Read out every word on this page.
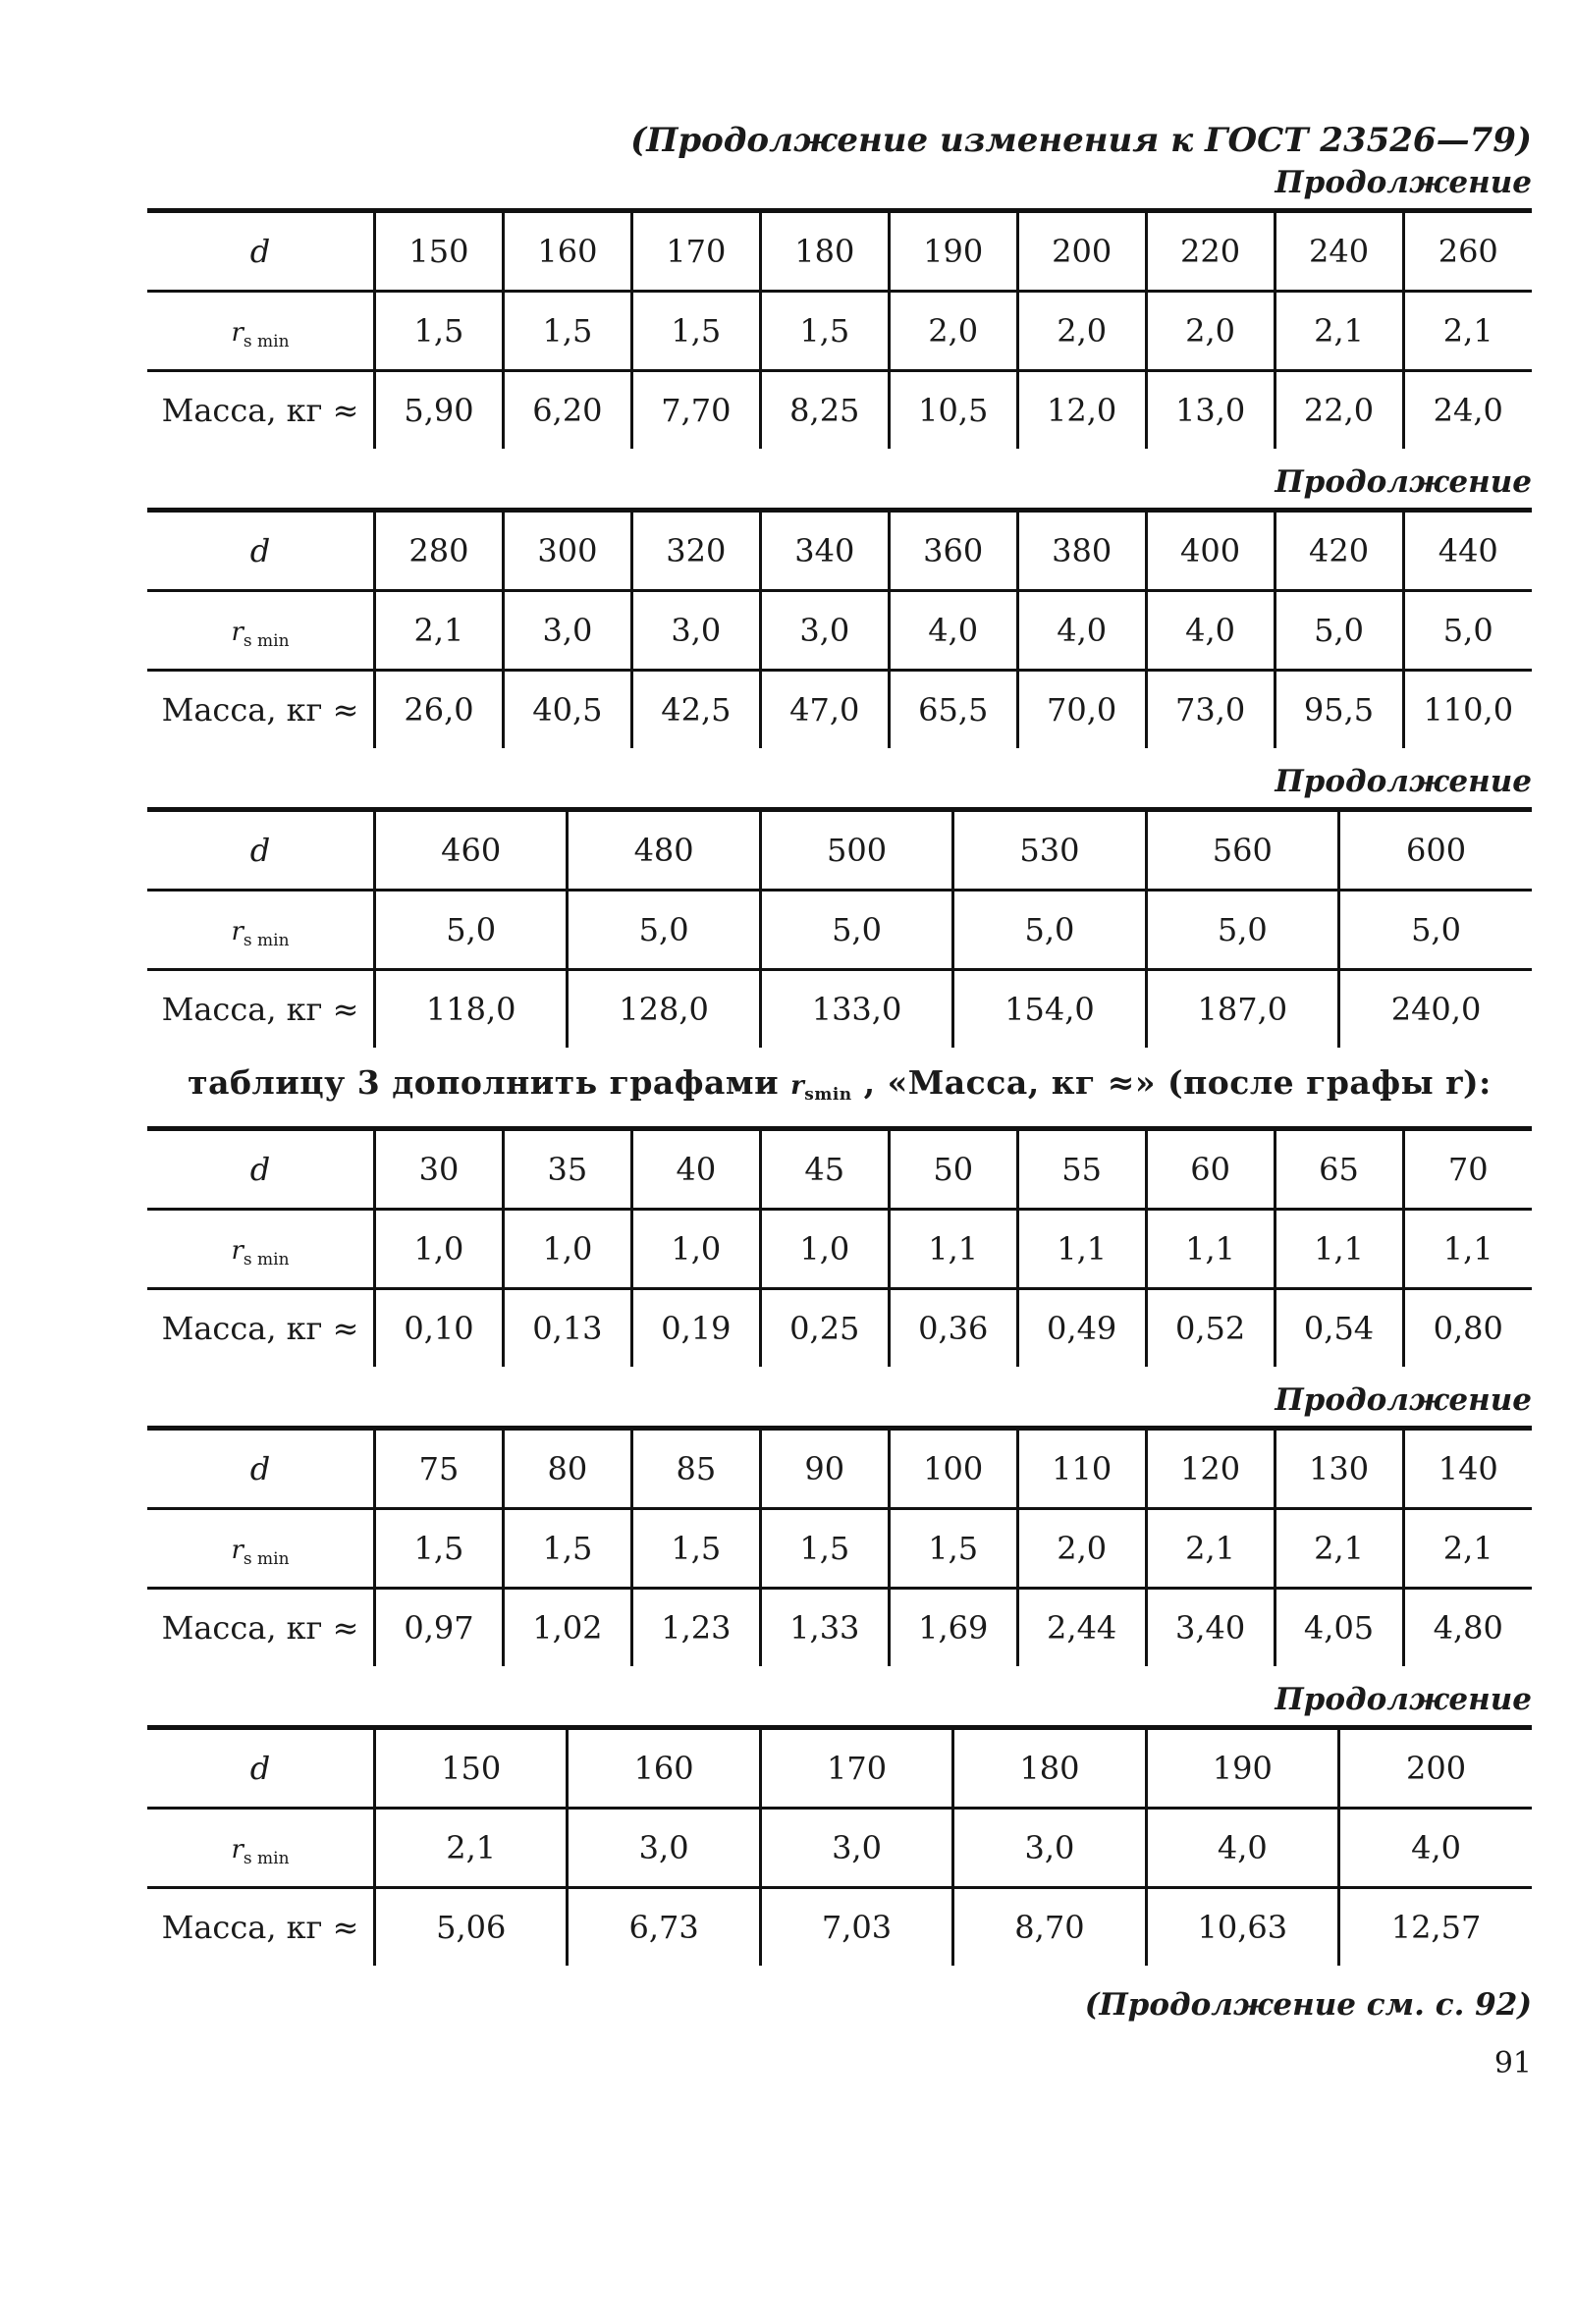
(Продолжение изменения к ГОСТ 23526—79)
Продолжение
d	150	160	170	180	190	200	220	240	260
$r_{s min}$	1,5	1,5	1,5	1,5	2,0	2,0	2,0	2,1	2,1
Масса, кг ≈	5,90	6,20	7,70	8,25	10,5	12,0	13,0	22,0	24,0
Продолжение
d	280	300	320	340	360	380	400	420	440
$r_{s min}$	2,1	3,0	3,0	3,0	4,0	4,0	4,0	5,0	5,0
Масса, кг ≈	26,0	40,5	42,5	47,0	65,5	70,0	73,0	95,5	110,0
Продолжение
d	460	480	500	530	560	600
$r_{s min}$	5,0	5,0	5,0	5,0	5,0	5,0
Масса, кг ≈	118,0	128,0	133,0	154,0	187,0	240,0
таблицу 3 дополнить графами $r_{smin}$ , «Масса, кг ≈» (после графы r):
d	30	35	40	45	50	55	60	65	70
$r_{s min}$	1,0	1,0	1,0	1,0	1,1	1,1	1,1	1,1	1,1
Масса, кг ≈	0,10	0,13	0,19	0,25	0,36	0,49	0,52	0,54	0,80
Продолжение
d	75	80	85	90	100	110	120	130	140
$r_{s min}$	1,5	1,5	1,5	1,5	1,5	2,0	2,1	2,1	2,1
Масса, кг ≈	0,97	1,02	1,23	1,33	1,69	2,44	3,40	4,05	4,80
Продолжение
d	150	160	170	180	190	200
$r_{s min}$	2,1	3,0	3,0	3,0	4,0	4,0
Масса, кг ≈	5,06	6,73	7,03	8,70	10,63	12,57
(Продолжение см. с. 92)
91
